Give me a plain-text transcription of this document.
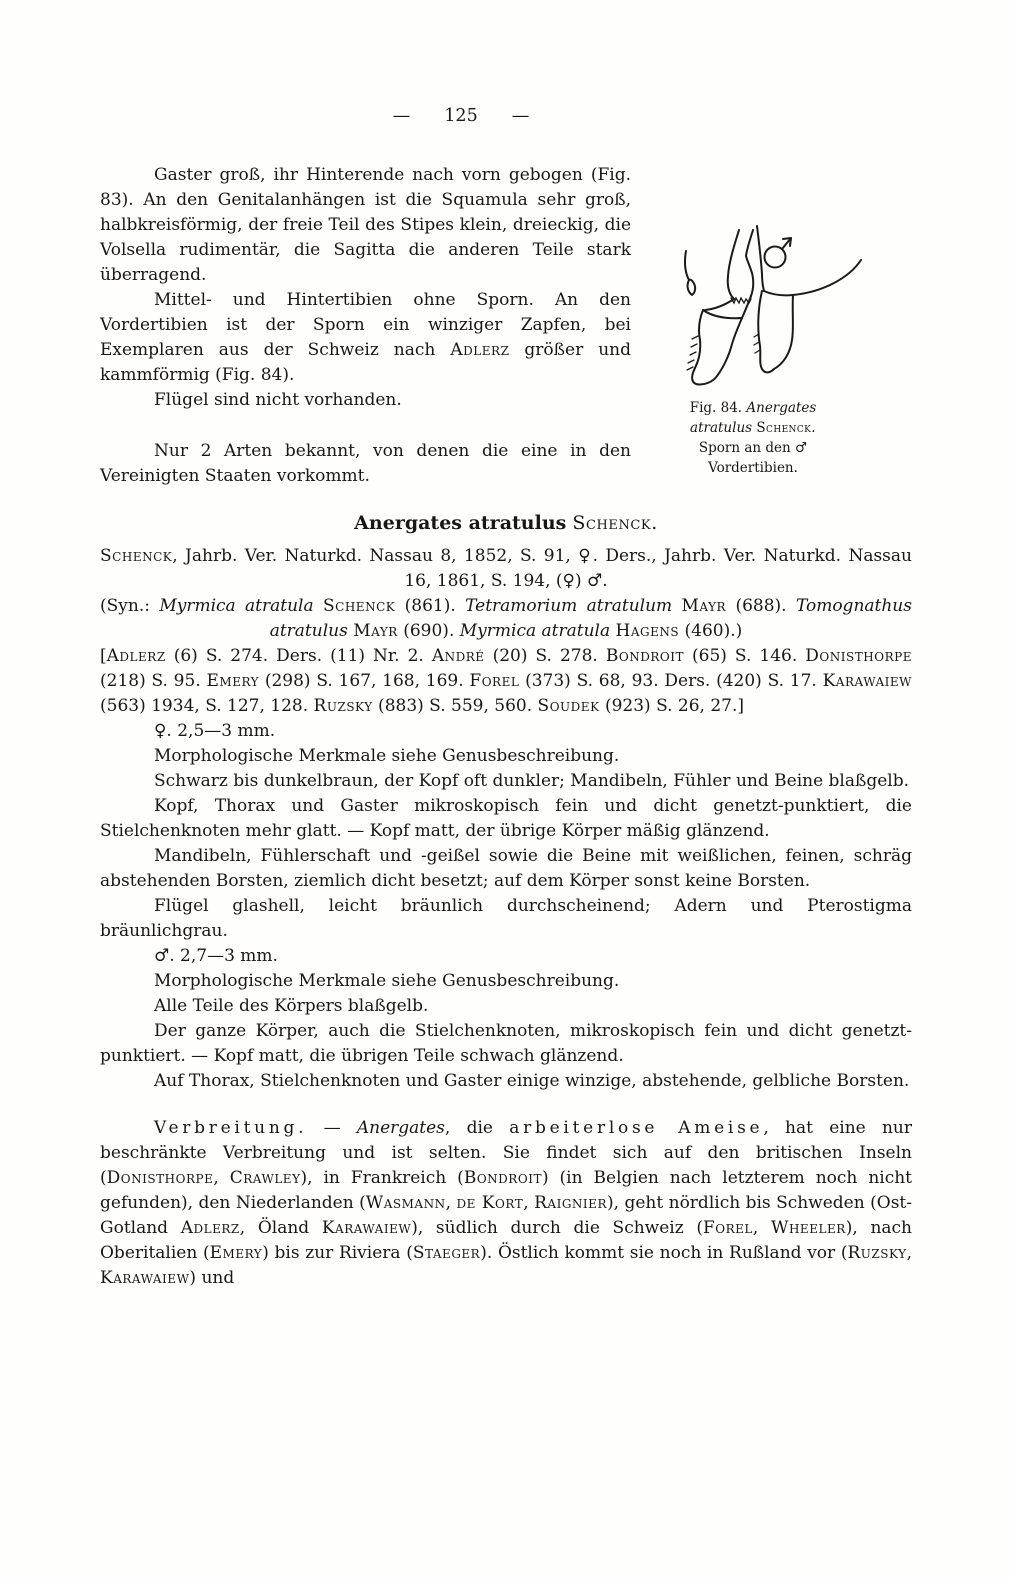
— 125 —
Fig. 84. Anergates atratulus Schenck. Sporn an den ♂ Vordertibien.

Gaster groß, ihr Hinterende nach vorn gebogen (Fig. 83). An den Genitalanhängen ist die Squamula sehr groß, halbkreisförmig, der freie Teil des Stipes klein, dreieckig, die Volsella rudimentär, die Sagitta die anderen Teile stark überragend.

Mittel- und Hintertibien ohne Sporn. An den Vordertibien ist der Sporn ein winziger Zapfen, bei Exemplaren aus der Schweiz nach Adlerz größer und kammförmig (Fig. 84).

Flügel sind nicht vorhanden.

Nur 2 Arten bekannt, von denen die eine in den Vereinigten Staaten vorkommt.

Anergates atratulus Schenck.

Schenck, Jahrb. Ver. Naturkd. Nassau 8, 1852, S. 91, ♀. Ders., Jahrb. Ver. Naturkd. Nassau 16, 1861, S. 194, (♀) ♂.

(Syn.: Myrmica atratula Schenck (861). Tetramorium atratulum Mayr (688). Tomognathus atratulus Mayr (690). Myrmica atratula Hagens (460).)

[Adlerz (6) S. 274. Ders. (11) Nr. 2. André (20) S. 278. Bondroit (65) S. 146. Donisthorpe (218) S. 95. Emery (298) S. 167, 168, 169. Forel (373) S. 68, 93. Ders. (420) S. 17. Karawaiew (563) 1934, S. 127, 128. Ruzsky (883) S. 559, 560. Soudek (923) S. 26, 27.]

♀. 2,5—3 mm.

Morphologische Merkmale siehe Genusbeschreibung.

Schwarz bis dunkelbraun, der Kopf oft dunkler; Mandibeln, Fühler und Beine blaßgelb.

Kopf, Thorax und Gaster mikroskopisch fein und dicht genetzt-punktiert, die Stielchenknoten mehr glatt. — Kopf matt, der übrige Körper mäßig glänzend.

Mandibeln, Fühlerschaft und -geißel sowie die Beine mit weißlichen, feinen, schräg abstehenden Borsten, ziemlich dicht besetzt; auf dem Körper sonst keine Borsten.

Flügel glashell, leicht bräunlich durchscheinend; Adern und Pterostigma bräunlichgrau.

♂. 2,7—3 mm.

Morphologische Merkmale siehe Genusbeschreibung.

Alle Teile des Körpers blaßgelb.

Der ganze Körper, auch die Stielchenknoten, mikroskopisch fein und dicht genetzt-punktiert. — Kopf matt, die übrigen Teile schwach glänzend.

Auf Thorax, Stielchenknoten und Gaster einige winzige, abstehende, gelbliche Borsten.

Verbreitung. — Anergates, die arbeiterlose Ameise, hat eine nur beschränkte Verbreitung und ist selten. Sie findet sich auf den britischen Inseln (Donisthorpe, Crawley), in Frankreich (Bondroit) (in Belgien nach letzterem noch nicht gefunden), den Niederlanden (Wasmann, de Kort, Raignier), geht nördlich bis Schweden (Ost-Gotland Adlerz, Öland Karawaiew), südlich durch die Schweiz (Forel, Wheeler), nach Oberitalien (Emery) bis zur Riviera (Staeger). Östlich kommt sie noch in Rußland vor (Ruzsky, Karawaiew) und
